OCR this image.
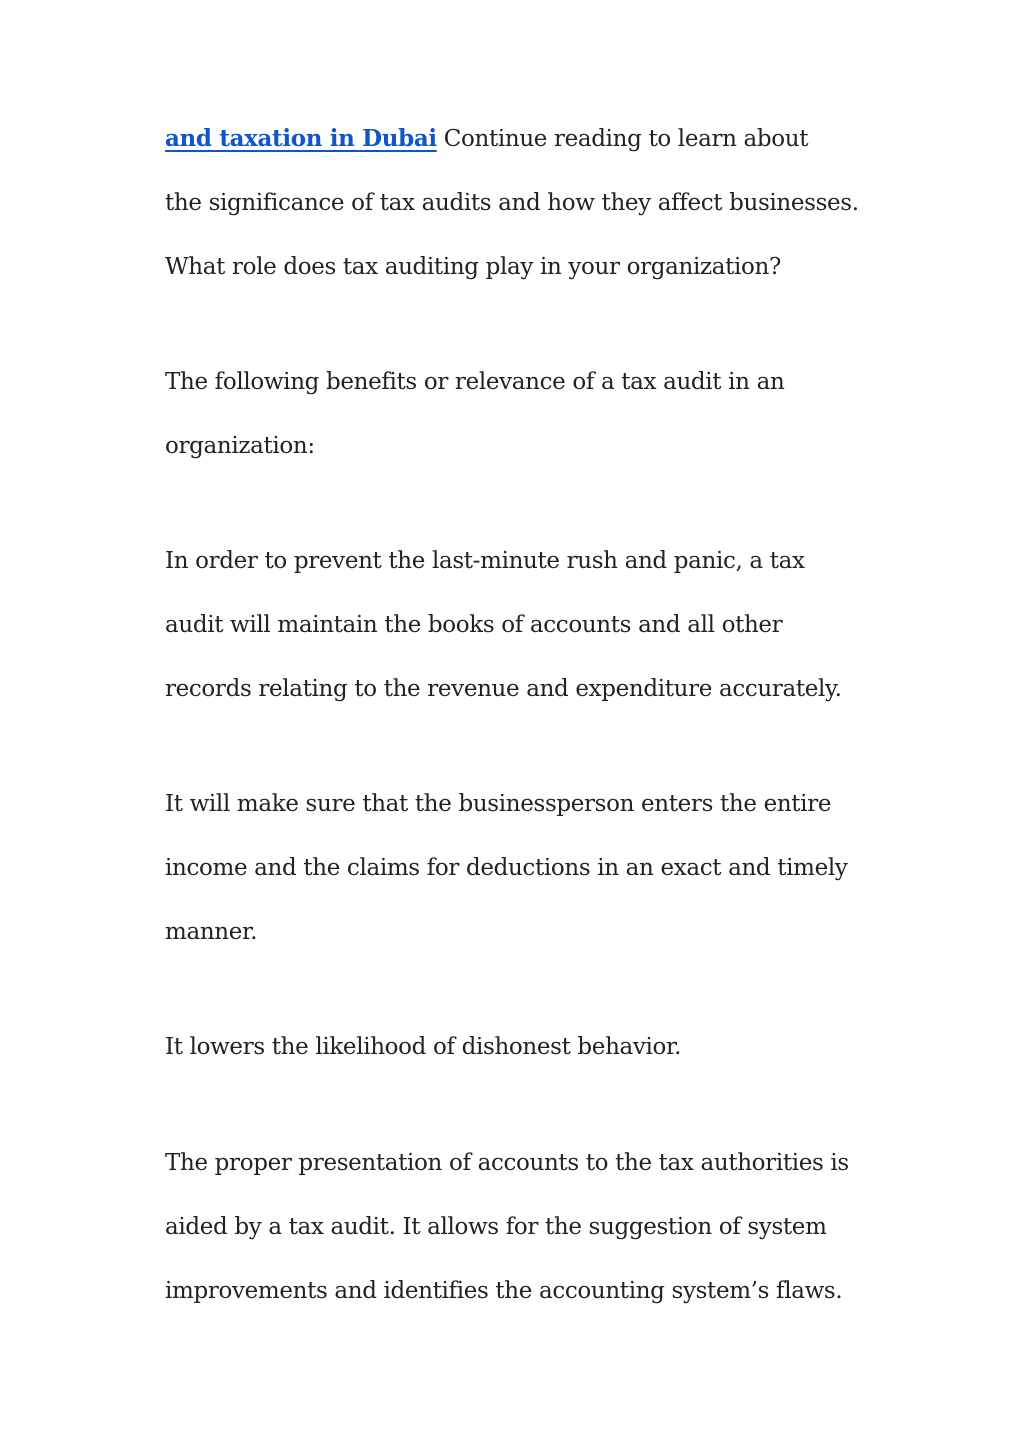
and taxation in Dubai Continue reading to learn about
the significance of tax audits and how they affect businesses.
What role does tax auditing play in your organization?
The following benefits or relevance of a tax audit in an
organization:
In order to prevent the last-minute rush and panic, a tax
audit will maintain the books of accounts and all other
records relating to the revenue and expenditure accurately.
It will make sure that the businessperson enters the entire
income and the claims for deductions in an exact and timely
manner.
It lowers the likelihood of dishonest behavior.
The proper presentation of accounts to the tax authorities is
aided by a tax audit. It allows for the suggestion of system
improvements and identifies the accounting system’s flaws.
